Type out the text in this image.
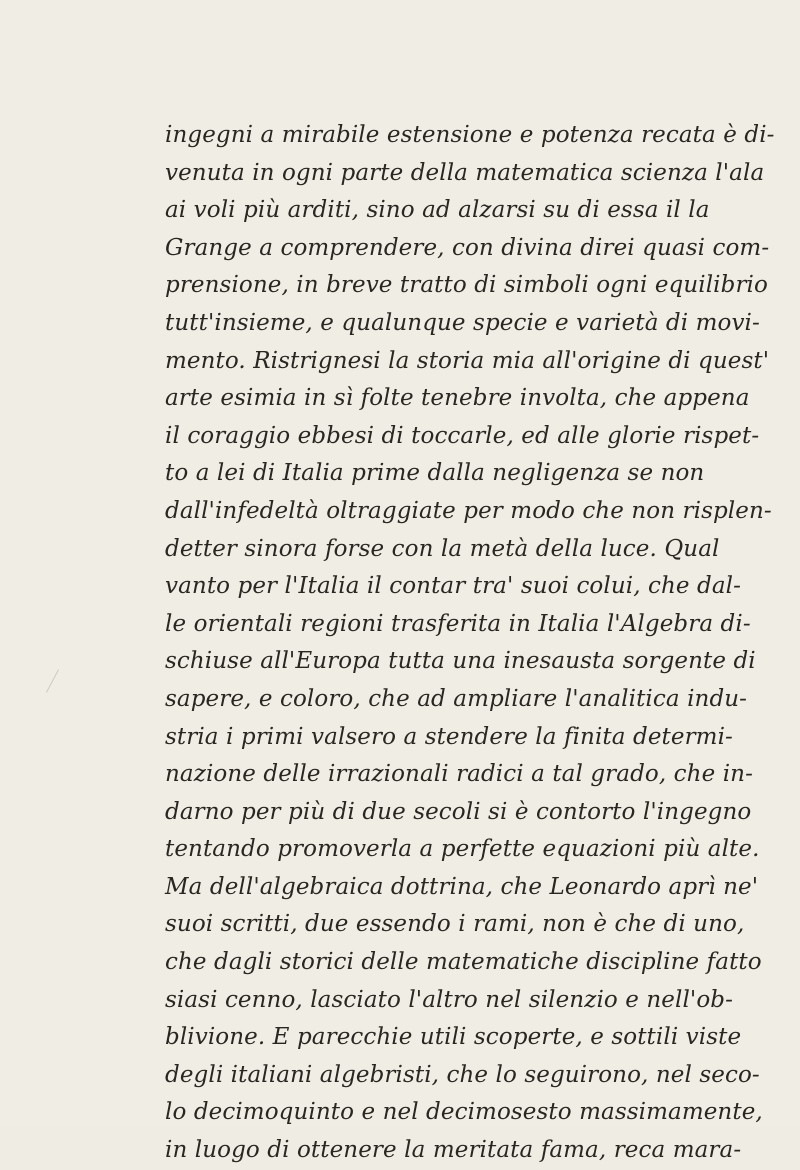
ingegni a mirabile estensione e potenza recata è di-
venuta in ogni parte della matematica scienza l'ala
ai voli più arditi, sino ad alzarsi su di essa il la
Grange a comprendere, con divina direi quasi com-
prensione, in breve tratto di simboli ogni equilibrio
tutt'insieme, e qualunque specie e varietà di movi-
mento. Ristrignesi la storia mia all'origine di quest'
arte esimia in sì folte tenebre involta, che appena
il coraggio ebbesi di toccarle, ed alle glorie rispet-
to a lei di Italia prime dalla negligenza se non
dall'infedeltà oltraggiate per modo che non risplen-
detter sinora forse con la metà della luce. Qual
vanto per l'Italia il contar tra' suoi colui, che dal-
le orientali regioni trasferita in Italia l'Algebra di-
schiuse all'Europa tutta una inesausta sorgente di
sapere, e coloro, che ad ampliare l'analitica indu-
stria i primi valsero a stendere la finita determi-
nazione delle irrazionali radici a tal grado, che in-
darno per più di due secoli si è contorto l'ingegno
tentando promoverla a perfette equazioni più alte.
Ma dell'algebraica dottrina, che Leonardo aprì ne'
suoi scritti, due essendo i rami, non è che di uno,
che dagli storici delle matematiche discipline fatto
siasi cenno, lasciato l'altro nel silenzio e nell'ob-
blivione. E parecchie utili scoperte, e sottili viste
degli italiani algebristi, che lo seguirono, nel seco-
lo decimoquinto e nel decimosesto massimamente,
in luogo di ottenere la meritata fama, reca mara-
